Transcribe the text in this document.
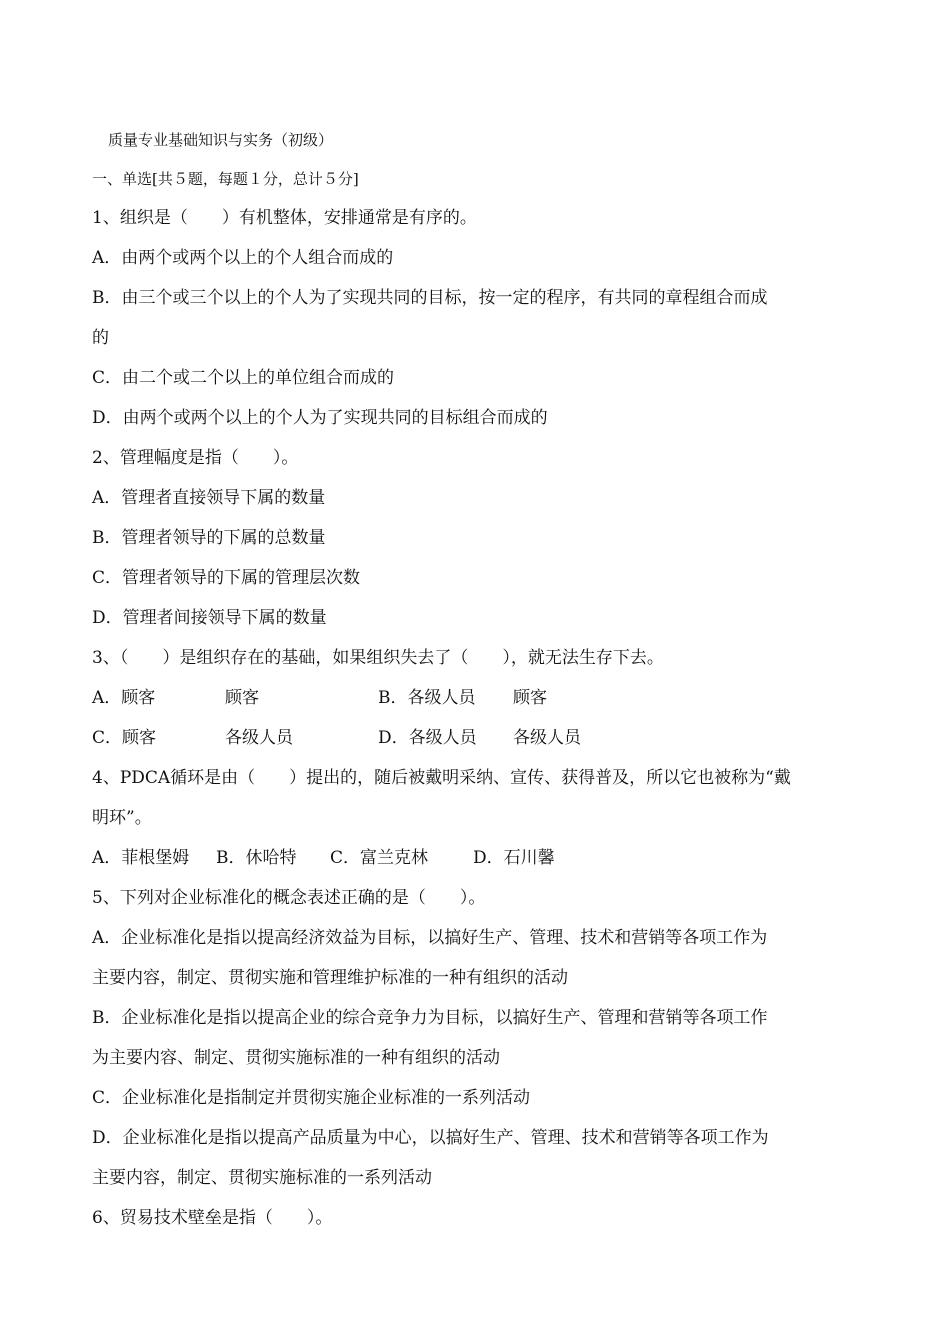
质量专业基础知识与实务（初级）
一、单选[共５题，每题１分，总计５分]
1、组织是（　　）有机整体，安排通常是有序的。
A．由两个或两个以上的个人组合而成的
B．由三个或三个以上的个人为了实现共同的目标，按一定的程序，有共同的章程组合而成
的
C．由二个或二个以上的单位组合而成的
D．由两个或两个以上的个人为了实现共同的目标组合而成的
2、管理幅度是指（　　）。
A．管理者直接领导下属的数量
B．管理者领导的下属的总数量
C．管理者领导的下属的管理层次数
D．管理者间接领导下属的数量
3、（　　）是组织存在的基础，如果组织失去了（　　），就无法生存下去。
A．顾客	顾客	B．各级人员 顾客
C．顾客	各级人员	D．各级人员 各级人员
4、PDCA循环是由（　　）提出的，随后被戴明采纳、宣传、获得普及，所以它也被称为“戴
明环”。
A．菲根堡姆 B．休哈特 C．富兰克林	D．石川馨
5、下列对企业标准化的概念表述正确的是（　　）。
A．企业标准化是指以提高经济效益为目标，以搞好生产、管理、技术和营销等各项工作为
主要内容，制定、贯彻实施和管理维护标准的一种有组织的活动
B．企业标准化是指以提高企业的综合竞争力为目标，以搞好生产、管理和营销等各项工作
为主要内容、制定、贯彻实施标准的一种有组织的活动
C．企业标准化是指制定并贯彻实施企业标准的一系列活动
D．企业标准化是指以提高产品质量为中心，以搞好生产、管理、技术和营销等各项工作为
主要内容，制定、贯彻实施标准的一系列活动
6、贸易技术壁垒是指（　　）。
